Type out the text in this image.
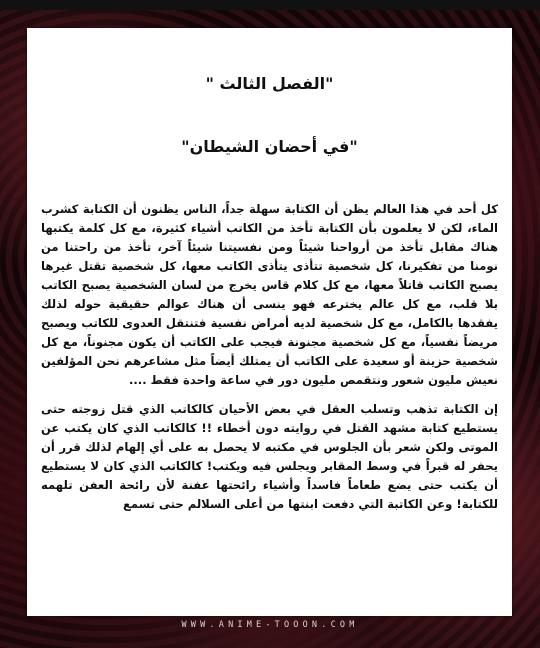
" الفصل الثالث"
"في أحضان الشيطان"

كل أحد في هذا العالم يظن أن الكتابة سهلة جداً، الناس يظنون أن الكتابة كشرب الماء، لكن لا يعلمون بأن الكتابة تأخذ من الكاتب أشياء كثيرة، مع كل كلمة يكتبها هناك مقابل تأخذ من أرواحنا شيئاً ومن نفسيتنا شيئاً آخر، تأخذ من راحتنا من نومنا من تفكيرنا، كل شخصية تتأذى يتأذى الكاتب معها، كل شخصية تقتل غيرها يصبح الكاتب قاتلاً معها، مع كل كلام قاس يخرج من لسان الشخصية يصبح الكاتب بلا قلب، مع كل عالم يخترعه فهو ينسى أن هناك عوالم حقيقية حوله لذلك يفقدها بالكامل، مع كل شخصية لديه أمراض نفسية فتنتقل العدوى للكاتب ويصبح مريضاً نفسياً، مع كل شخصية مجنونة فيجب على الكاتب أن يكون مجنوناً، مع كل شخصية حزينة أو سعيدة على الكاتب أن يمتلك أيضاً مثل مشاعرهم نحن المؤلفين نعيش مليون شعور ونتقمص مليون دور في ساعة واحدة فقط ....

إن الكتابة تذهب وتسلب العقل في بعض الأحيان كالكاتب الذي قتل زوجته حتى يستطيع كتابة مشهد القتل في روايته دون أخطاء !! كالكاتب الذي كان يكتب عن الموتى ولكن شعر بأن الجلوس في مكتبه لا يحصل به على أي إلهام لذلك قرر أن يحفر له قبراً في وسط المقابر ويجلس فيه ويكتب! كالكاتب الذي كان لا يستطيع أن يكتب حتى يضع طعاماً فاسداً وأشياء رائحتها عفنة لأن رائحة العفن تلهمه للكتابة! وعن الكاتبة التي دفعت ابنتها من أعلى السلالم حتى تسمع

WWW.ANIME-TOOON.COM
